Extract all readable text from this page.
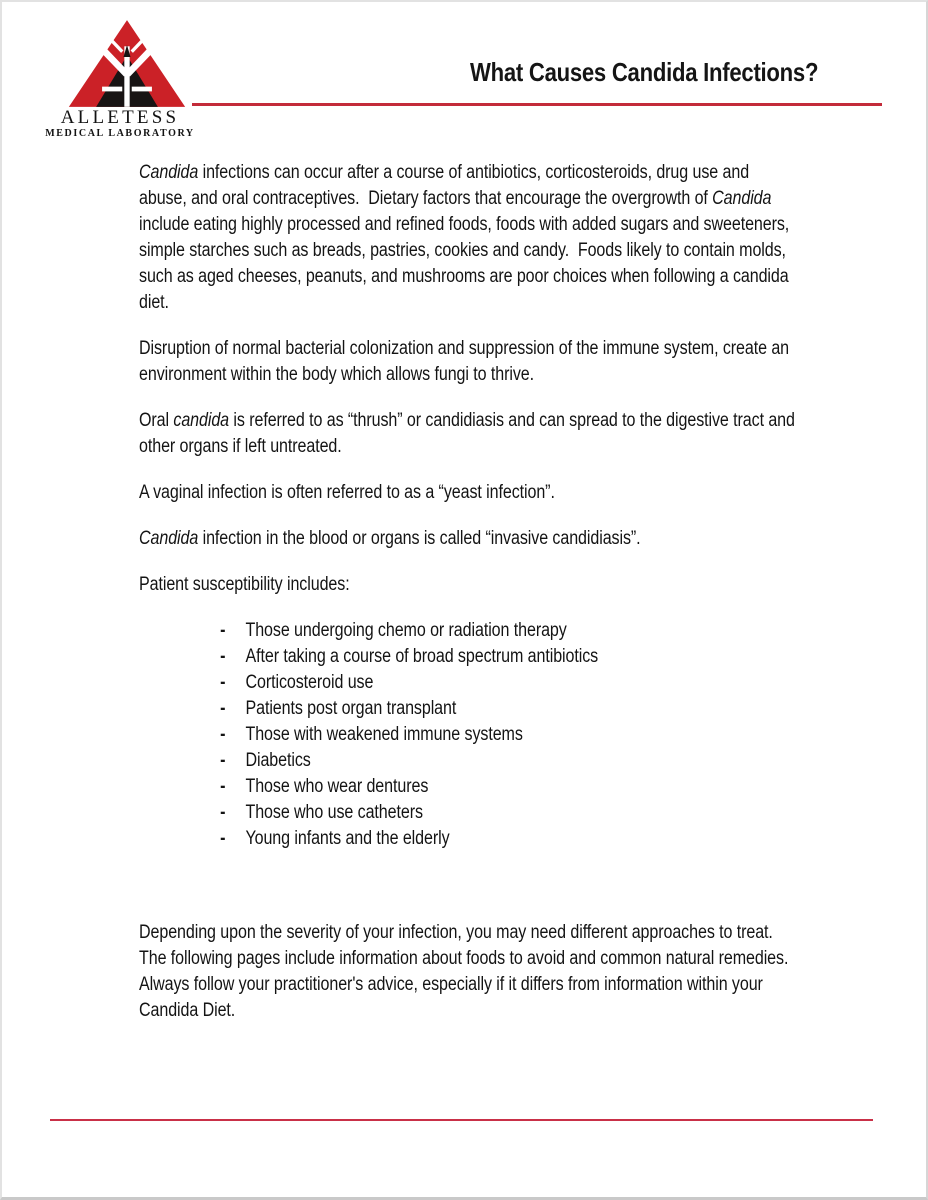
ALLETESS
MEDICAL LABORATORY
What Causes Candida Infections?

Candida infections can occur after a course of antibiotics, corticosteroids, drug use and abuse, and oral contraceptives.  Dietary factors that encourage the overgrowth of Candida include eating highly processed and refined foods, foods with added sugars and sweeteners, simple starches such as breads, pastries, cookies and candy.  Foods likely to contain molds, such as aged cheeses, peanuts, and mushrooms are poor choices when following a candida diet.

Disruption of normal bacterial colonization and suppression of the immune system, create an environment within the body which allows fungi to thrive.

Oral candida is referred to as “thrush” or candidiasis and can spread to the digestive tract and other organs if left untreated.

A vaginal infection is often referred to as a “yeast infection”.

Candida infection in the blood or organs is called “invasive candidiasis”.

Patient susceptibility includes:

-	Those undergoing chemo or radiation therapy
-	After taking a course of broad spectrum antibiotics
-	Corticosteroid use
-	Patients post organ transplant
-	Those with weakened immune systems
-	Diabetics
-	Those who wear dentures
-	Those who use catheters
-	Young infants and the elderly

Depending upon the severity of your infection, you may need different approaches to treat.  The following pages include information about foods to avoid and common natural remedies.  Always follow your practitioner's advice, especially if it differs from information within your Candida Diet.
